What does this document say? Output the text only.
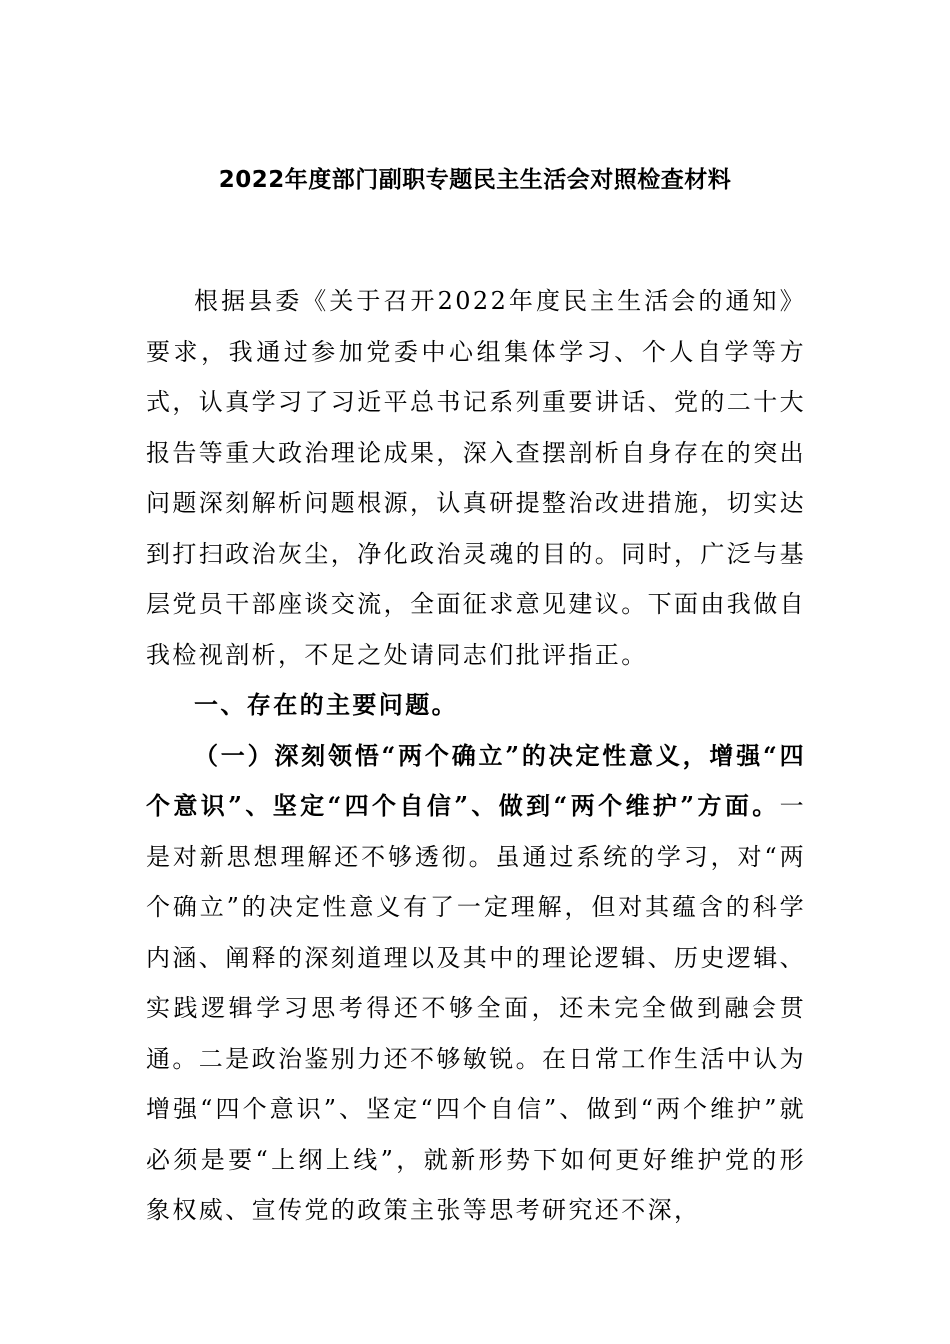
2022年度部门副职专题民主生活会对照检查材料

根据县委《关于召开2022年度民主生活会的通知》要求，我通过参加党委中心组集体学习、个人自学等方式，认真学习了习近平总书记系列重要讲话、党的二十大报告等重大政治理论成果，深入查摆剖析自身存在的突出问题深刻解析问题根源，认真研提整治改进措施，切实达到打扫政治灰尘，净化政治灵魂的目的。同时，广泛与基层党员干部座谈交流，全面征求意见建议。下面由我做自我检视剖析，不足之处请同志们批评指正。

一、存在的主要问题。

（一）深刻领悟“两个确立”的决定性意义，增强“四个意识”、坚定“四个自信”、做到“两个维护”方面。一是对新思想理解还不够透彻。虽通过系统的学习，对“两个确立”的决定性意义有了一定理解，但对其蕴含的科学内涵、阐释的深刻道理以及其中的理论逻辑、历史逻辑、实践逻辑学习思考得还不够全面，还未完全做到融会贯通。二是政治鉴别力还不够敏锐。在日常工作生活中认为增强“四个意识”、坚定“四个自信”、做到“两个维护”就必须是要“上纲上线”，就新形势下如何更好维护党的形象权威、宣传党的政策主张等思考研究还不深，
